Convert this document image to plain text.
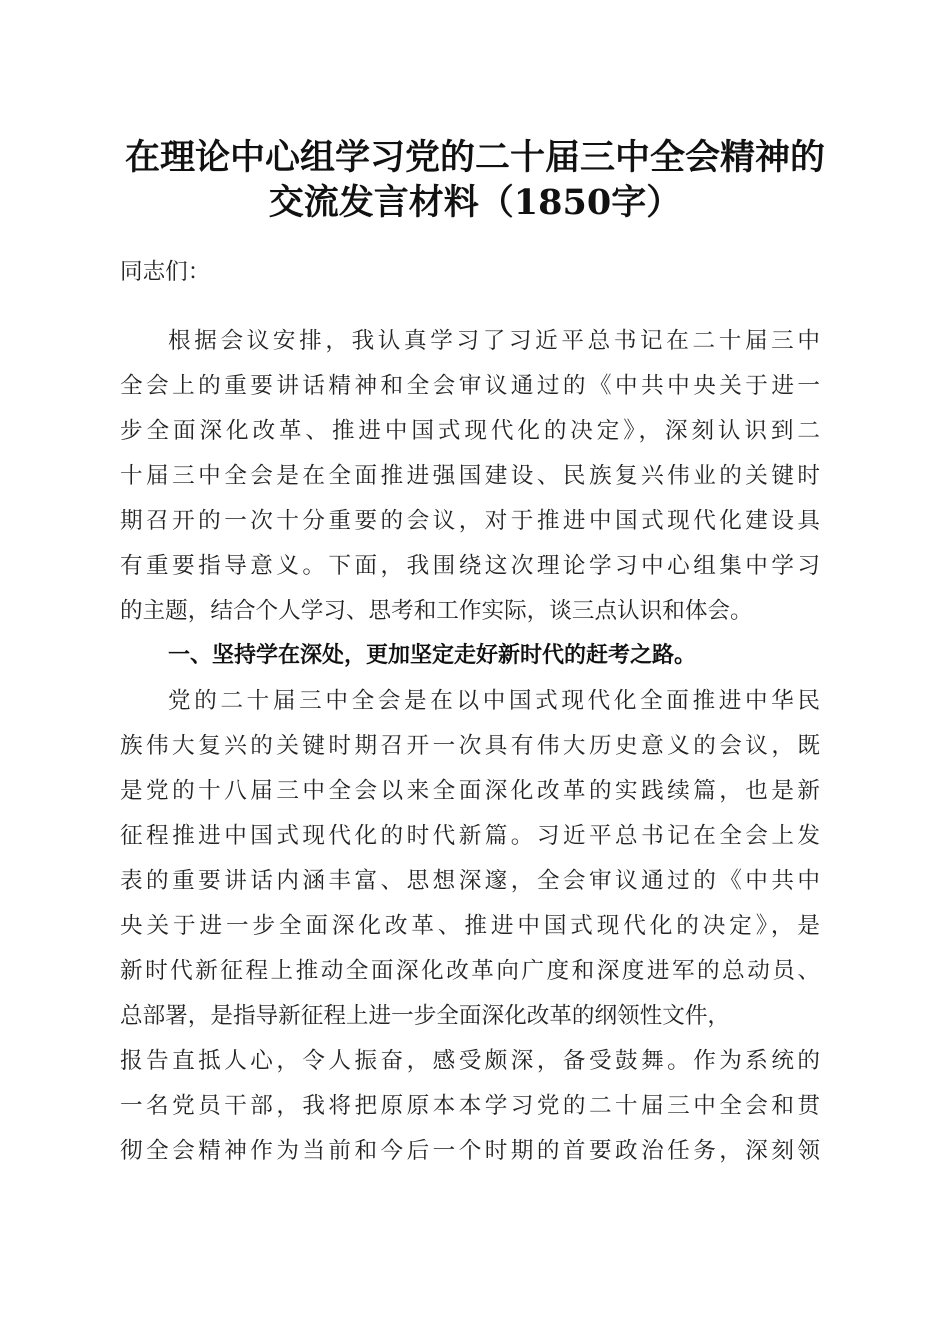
在理论中心组学习党的二十届三中全会精神的
交流发言材料（1850字）
同志们：
根据会议安排，我认真学习了习近平总书记在二十届三中
全会上的重要讲话精神和全会审议通过的《中共中央关于进一
步全面深化改革、推进中国式现代化的决定》，深刻认识到二
十届三中全会是在全面推进强国建设、民族复兴伟业的关键时
期召开的一次十分重要的会议，对于推进中国式现代化建设具
有重要指导意义。下面，我围绕这次理论学习中心组集中学习
的主题，结合个人学习、思考和工作实际，谈三点认识和体会。
一、坚持学在深处，更加坚定走好新时代的赶考之路。
党的二十届三中全会是在以中国式现代化全面推进中华民
族伟大复兴的关键时期召开一次具有伟大历史意义的会议，既
是党的十八届三中全会以来全面深化改革的实践续篇，也是新
征程推进中国式现代化的时代新篇。习近平总书记在全会上发
表的重要讲话内涵丰富、思想深邃，全会审议通过的《中共中
央关于进一步全面深化改革、推进中国式现代化的决定》，是
新时代新征程上推动全面深化改革向广度和深度进军的总动员、
总部署，是指导新征程上进一步全面深化改革的纲领性文件，
报告直抵人心，令人振奋，感受颇深，备受鼓舞。作为系统的
一名党员干部，我将把原原本本学习党的二十届三中全会和贯
彻全会精神作为当前和今后一个时期的首要政治任务，深刻领
